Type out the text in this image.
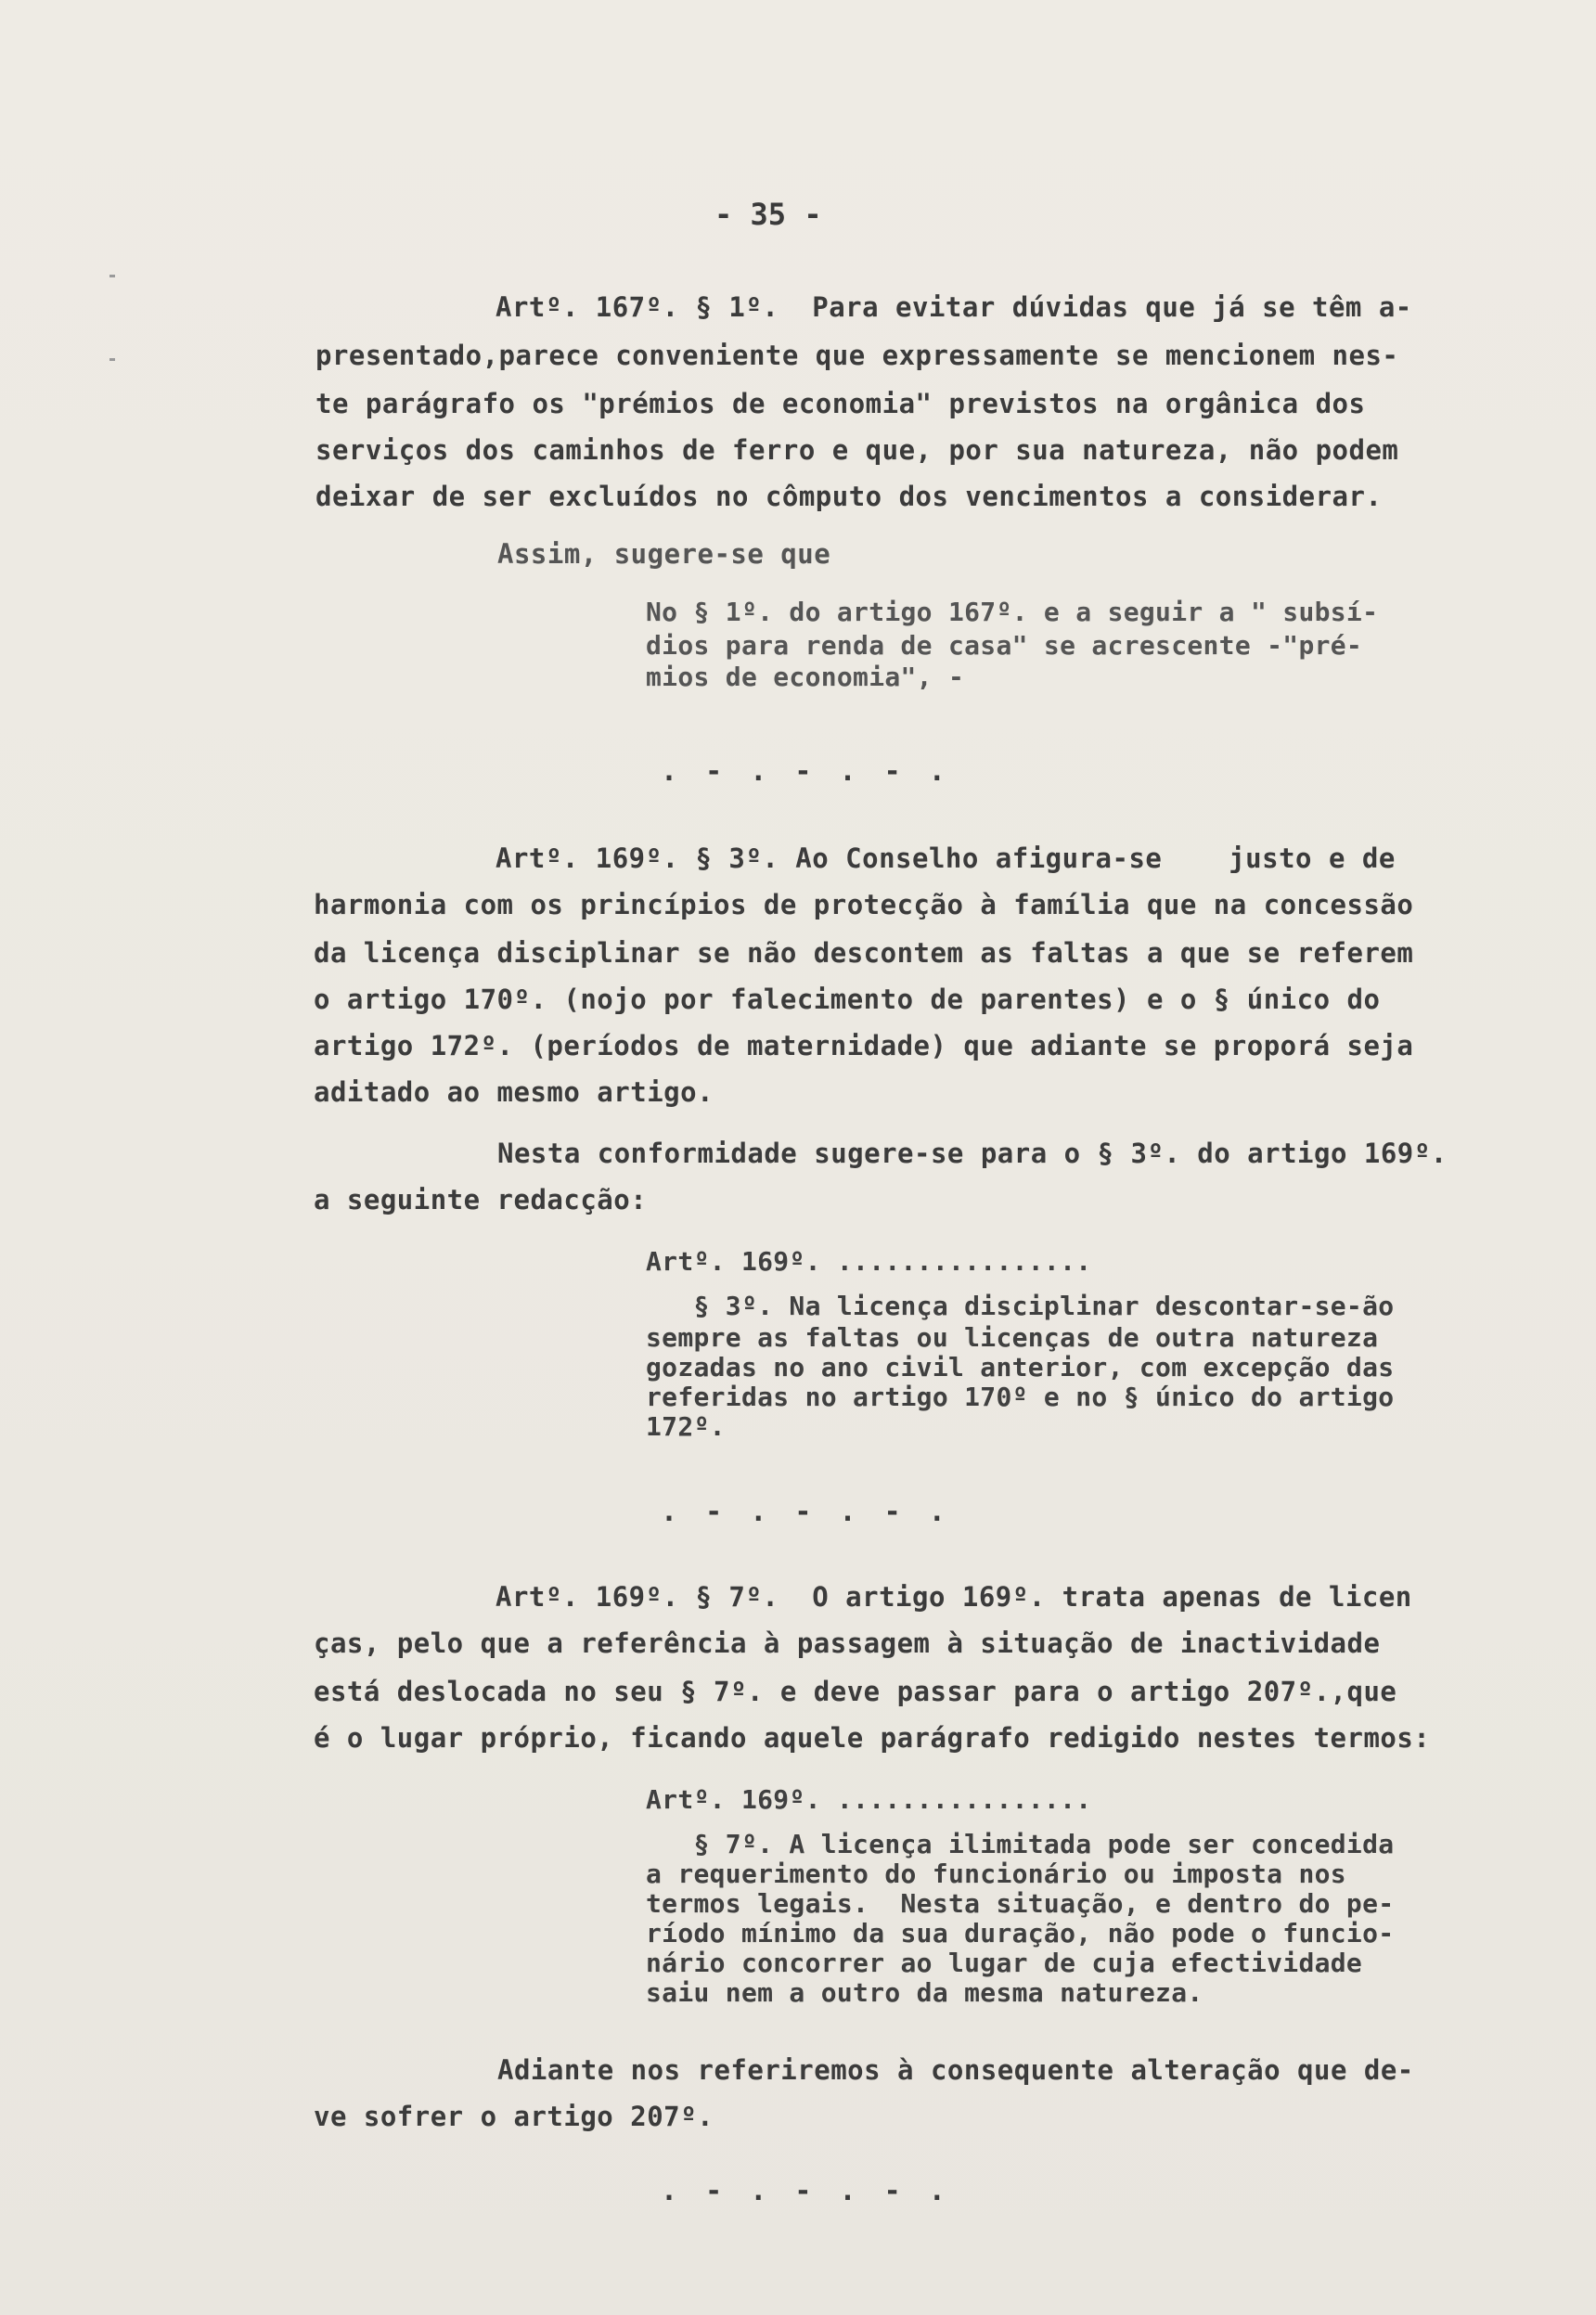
- 35 -
Artº. 167º. § 1º.  Para evitar dúvidas que já se têm a-
presentado,parece conveniente que expressamente se mencionem nes-
te parágrafo os "prémios de economia" previstos na orgânica dos
serviços dos caminhos de ferro e que, por sua natureza, não podem
deixar de ser excluídos no cômputo dos vencimentos a considerar.
Assim, sugere-se que
No § 1º. do artigo 167º. e a seguir a " subsí-
dios para renda de casa" se acrescente -"pré-
mios de economia", -
. - . - . - .
Artº. 169º. § 3º. Ao Conselho afigura-se    justo e de
harmonia com os princípios de protecção à família que na concessão
da licença disciplinar se não descontem as faltas a que se referem
o artigo 170º. (nojo por falecimento de parentes) e o § único do
artigo 172º. (períodos de maternidade) que adiante se proporá seja
aditado ao mesmo artigo.
Nesta conformidade sugere-se para o § 3º. do artigo 169º.
a seguinte redacção:
Artº. 169º. ................
§ 3º. Na licença disciplinar descontar-se-ão
sempre as faltas ou licenças de outra natureza
gozadas no ano civil anterior, com excepção das
referidas no artigo 170º e no § único do artigo
172º.
. - . - . - .
Artº. 169º. § 7º.  O artigo 169º. trata apenas de licen
ças, pelo que a referência à passagem à situação de inactividade
está deslocada no seu § 7º. e deve passar para o artigo 207º.,que
é o lugar próprio, ficando aquele parágrafo redigido nestes termos:
Artº. 169º. ................
§ 7º. A licença ilimitada pode ser concedida
a requerimento do funcionário ou imposta nos
termos legais.  Nesta situação, e dentro do pe-
ríodo mínimo da sua duração, não pode o funcio-
nário concorrer ao lugar de cuja efectividade
saiu nem a outro da mesma natureza.
Adiante nos referiremos à consequente alteração que de-
ve sofrer o artigo 207º.
. - . - . - .
